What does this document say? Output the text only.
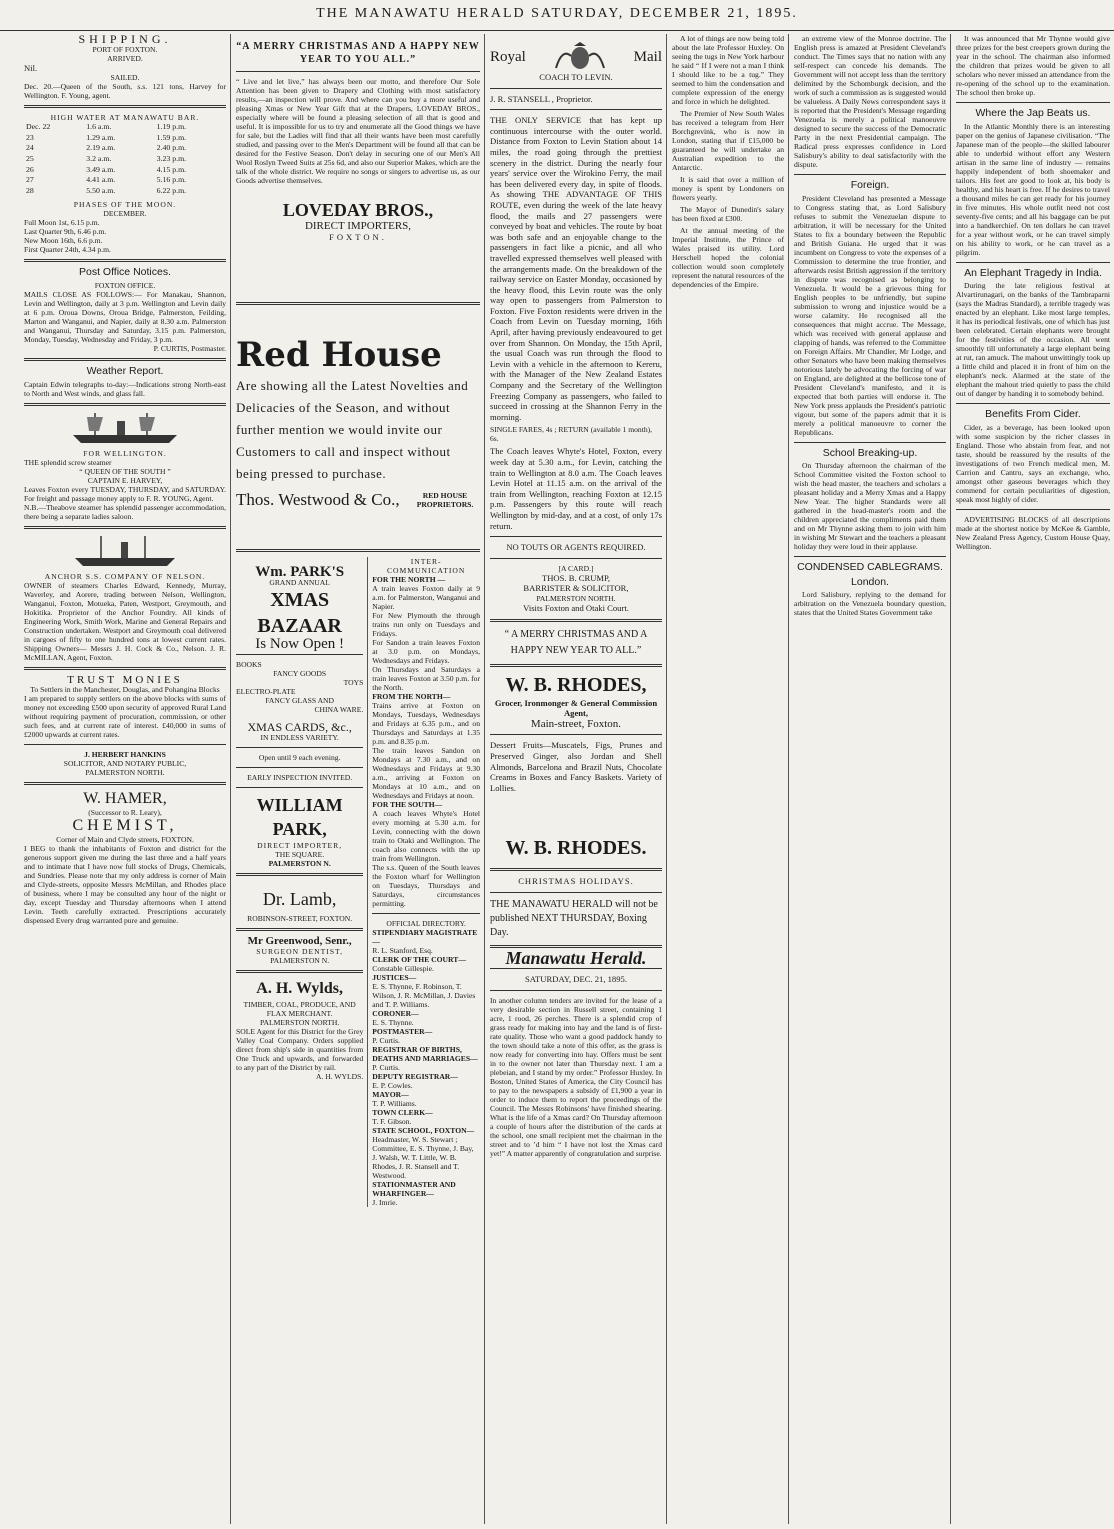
THE MANAWATU HERALD SATURDAY, DECEMBER 21, 1895.
SHIPPING.
PORT OF FOXTON.
ARRIVED.
Nil.
SAILED.
Dec. 20.—Queen of the South, s.s. 121 tons, Harvey for Wellington. F. Young, agent.
HIGH WATER AT MANAWATU BAR.
Dec. 22	1.6 a.m.	1.19 p.m.
23	1.29 a.m.	1.59 p.m.
24	2.19 a.m.	2.40 p.m.
25	3.2 a.m.	3.23 p.m.
26	3.49 a.m.	4.15 p.m.
27	4.41 a.m.	5.16 p.m.
28	5.50 a.m.	6.22 p.m.
PHASES OF THE MOON.
DECEMBER.
Full Moon 1st, 6.15 p.m.
Last Quarter 9th, 6.46 p.m.
New Moon 16th, 6.6 p.m.
First Quarter 24th, 4.34 p.m.
Post Office Notices.
FOXTON OFFICE.
MAILS CLOSE AS FOLLOWS:— For Manakau, Shannon, Levin and Wellington, daily at 3 p.m. Wellington and Levin daily at 6 p.m. Oroua Downs, Oroua Bridge, Palmerston, Feilding, Marton and Wanganui, and Napier, daily at 8.30 a.m. Palmerston and Wanganui, Thursday and Saturday, 3.15 p.m. Palmerston, Monday, Tuesday, Wednesday and Friday, 3 p.m.
P. CURTIS, Postmaster.
Weather Report.
Captain Edwin telegraphs to-day:—Indications strong North-east to North and West winds, and glass fall.
FOR WELLINGTON.
THE splendid screw steamer
“ QUEEN OF THE SOUTH ”
CAPTAIN E. HARVEY,
Leaves Foxton every TUESDAY, THURSDAY, and SATURDAY. For freight and passage money apply to F. R. YOUNG, Agent.
N.B.—Theabove steamer has splendid passenger accommodation, there being a separate ladies saloon.
ANCHOR S.S. COMPANY OF NELSON.
OWNER of steamers Charles Edward, Kennedy, Murray, Waverley, and Aorere, trading between Nelson, Wellington, Wanganui, Foxton, Motueka, Paten, Westport, Greymouth, and Hokitika. Proprietor of the Anchor Foundry. All kinds of Engineering Work, Smith Work, Marine and General Repairs and Construction undertaken. Westport and Greymouth coal delivered in cargoes of fifty to one hundred tons at lowest current rates. Shipping Owners— Messrs J. H. Cock & Co., Nelson. J. R. McMILLAN, Agent, Foxton.
TRUST MONIES
To Settlers in the Manchester, Douglas, and Pohangina Blocks
I am prepared to supply settlers on the above blocks with sums of money not exceeding £500 upon security of approved Rural Land without requiring payment of procuration, commission, or other such fees, and at current rate of interest. £40,000 in sums of £2000 upwards at current rates.
J. HERBERT HANKINS
SOLICITOR, AND NOTARY PUBLIC,
PALMERSTON NORTH.
W. HAMER,
(Successor to R. Leary),
CHEMIST,
Corner of Main and Clyde streets, FOXTON.
I BEG to thank the inhabitants of Foxton and district for the generous support given me during the last three and a half years and to intimate that I have now full stocks of Drugs, Chemicals, and Sundries. Please note that my only address is corner of Main and Clyde-streets, opposite Messrs McMillan, and Rhodes place of business, where I may be consulted any hour of the night or day, except Tuesday and Thursday afternoons when I attend Levin. Teeth carefully extracted. Prescriptions accurately dispensed Every drug warranted pure and genuine.
“A MERRY CHRISTMAS AND A HAPPY NEW YEAR TO YOU ALL.”
“ Live and let live,” has always been our motto, and therefore Our Sole Attention has been given to Drapery and Clothing with most satisfactory results,—an inspection will prove. And where can you buy a more useful and pleasing Xmas or New Year Gift that at the Drapers, LOVEDAY BROS., especially where will be found a pleasing selection of all that is good and useful. It is impossible for us to try and enumerate all the Good things we have for sale, but the Ladies will find that all their wants have been most carefully studied, and passing over to the Men's Department will be found all that can be desired for the Festive Season. Don't delay in securing one of our Men's All Wool Roslyn Tweed Suits at 25s 6d, and also our Superior Makes, which are the talk of the whole district. We require no songs or singers to advertise us, as our Goods advertise themselves.
LOVEDAY BROS.,
DIRECT IMPORTERS,
FOXTON.
Red House
Are showing all the Latest Novelties and Delicacies of the Season, and without further mention we would invite our Customers to call and inspect without being pressed to purchase.
Thos. Westwood & Co.,	RED HOUSE PROPRIETORS.
Wm. PARK'S
GRAND ANNUAL
XMAS BAZAAR
Is Now Open !
BOOKS
FANCY GOODS
TOYS
ELECTRO-PLATE
FANCY GLASS AND
CHINA WARE.
XMAS CARDS, &c.,
IN ENDLESS VARIETY.
Open until 9 each evening.
EARLY INSPECTION INVITED.
WILLIAM PARK,
DIRECT IMPORTER,
THE SQUARE.
PALMERSTON N.
Dr. Lamb,
ROBINSON-STREET, FOXTON.
Mr Greenwood, Senr.,
SURGEON DENTIST,
PALMERSTON N.
A. H. Wylds,
TIMBER, COAL, PRODUCE, AND FLAX MERCHANT.
PALMERSTON NORTH.
SOLE Agent for this District for the Grey Valley Coal Company. Orders supplied direct from ship's side in quantities from One Truck and upwards, and forwarded to any part of the District by rail.
A. H. WYLDS.
INTER-COMMUNICATION
FOR THE NORTH —
A train leaves Foxton daily at 9 a.m. for Palmerston, Wanganui and Napier.
For New Plymouth the through trains run only on Tuesdays and Fridays.
For Sandon a train leaves Foxton at 3.0 p.m. on Mondays, Wednesdays and Fridays.
On Thursdays and Saturdays a train leaves Foxton at 3.50 p.m. for the North.
FROM THE NORTH—
Trains arrive at Foxton on Mondays, Tuesdays, Wednesdays and Fridays at 6.35 p.m., and on Thursdays and Saturdays at 1.35 p.m. and 8.35 p.m.
The train leaves Sandon on Mondays at 7.30 a.m., and on Wednesdays and Fridays at 9.30 a.m., arriving at Foxton on Mondays at 10 a.m., and on Wednesdays and Fridays at noon.
FOR THE SOUTH—
A coach leaves Whyte's Hotel every morning at 5.30 a.m. for Levin, connecting with the down train to Otaki and Wellington. The coach also connects with the up train from Wellington.
The s.s. Queen of the South leaves the Foxton wharf for Wellington on Tuesdays, Thursdays and Saturdays, circumstances permitting.
OFFICIAL DIRECTORY.
STIPENDIARY MAGISTRATE—
R. L. Stanford, Esq.
CLERK OF THE COURT—
Constable Gillespie.
JUSTICES—
E. S. Thynne, F. Robinson, T. Wilson, J. R. McMillan, J. Davies and T. P. Williams.
CORONER—
E. S. Thynne.
POSTMASTER—
P. Curtis.
REGISTRAR OF BIRTHS, DEATHS AND MARRIAGES—
P. Curtis.
DEPUTY REGISTRAR—
E. P. Cowles.
MAYOR—
T. P. Williams.
TOWN CLERK—
T. F. Gibson.
STATE SCHOOL, FOXTON—
Headmaster, W. S. Stewart ; Committee, E. S. Thynne, J. Bay, J. Walsh, W. T. Little, W. B. Rhodes, J. R. Stansell and T. Westwood.
STATIONMASTER AND WHARFINGER—
J. Imrie.
Royal	Mail
COACH TO LEVIN.
J. R. STANSELL , Proprietor.
THE ONLY SERVICE that has kept up continuous intercourse with the outer world. Distance from Foxton to Levin Station about 14 miles, the road going through the prettiest scenery in the district. During the nearly four years' service over the Wirokino Ferry, the mail has been delivered every day, in spite of floods. As showing THE ADVANTAGE OF THIS ROUTE, even during the week of the late heavy flood, the mails and 27 passengers were conveyed by boat and vehicles. The route by boat was both safe and an enjoyable change to the passengers in fact like a picnic, and all who travelled expressed themselves well pleased with the arrangements made. On the breakdown of the railway service on Easter Monday, occasioned by the heavy flood, this Levin route was the only way open to passengers from Palmerston to Foxton. Five Foxton residents were driven in the Coach from Levin on Tuesday morning, 16th April, after having previously endeavoured to get over from Shannon. On Monday, the 15th April, the usual Coach was run through the flood to Levin with a vehicle in the afternoon to Kereru, with the Manager of the New Zealand Estates Company and the Secretary of the Wellington Freezing Company as passengers, who failed to succeed in crossing at the Shannon Ferry in the morning.
SINGLE FARES, 4s ; RETURN (available 1 month), 6s.
The Coach leaves Whyte's Hotel, Foxton, every week day at 5.30 a.m., for Levin, catching the train to Wellington at 8.0 a.m. The Coach leaves Levin Hotel at 11.15 a.m. on the arrival of the train from Wellington, reaching Foxton at 12.15 p.m. Passengers by this route will reach Wellington by mid-day, and at a cost, of only 17s return.
NO TOUTS OR AGENTS REQUIRED.
[A CARD.]
THOS. B. CRUMP,
BARRISTER & SOLICITOR,
PALMERSTON NORTH.
Visits Foxton and Otaki Court.
“ A MERRY CHRISTMAS AND A HAPPY NEW YEAR TO ALL.”
W. B. RHODES,
Grocer, Ironmonger & General Commission Agent,
Main-street, Foxton.
Dessert Fruits—Muscatels, Figs, Prunes and Preserved Ginger, also Jordan and Shell Almonds, Barcelona and Brazil Nuts, Chocolate Creams in Boxes and Fancy Baskets. Variety of Lollies.
W. B. RHODES.
CHRISTMAS HOLIDAYS.
THE MANAWATU HERALD will not be published NEXT THURSDAY, Boxing Day.
Manawatu Herald.
SATURDAY, DEC. 21, 1895.
In another column tenders are invited for the lease of a very desirable section in Russell street, containing 1 acre, 1 rood, 26 perches. There is a splendid crop of grass ready for making into hay and the land is of first-rate quality. Those who want a good paddock handy to the town should take a note of this offer, as the grass is now ready for converting into hay. Offers must be sent in to the owner not later than Thursday next. I am a plebeian, and I stand by my order.” Professor Huxley. In Boston, United States of America, the City Council has to pay to the newspapers a subsidy of £1,900 a year in order to induce them to report the proceedings of the Council. The Messrs Robinsons' have finished shearing. What is the life of a Xmas card? On Thursday afternoon a couple of hours after the distribution of the cards at the school, one small recipient met the chairman in the street and to ’d him “ I have not lost the Xmas card yet!” A matter apparently of congratulation and surprise.
A lot of things are now being told about the late Professor Huxley. On seeing the tugs in New York harbour he said “ If I were not a man I think I should like to be a tug.” They seemed to him the condensation and complete expression of the energy and force in which he delighted.
The Premier of New South Wales has received a telegram from Herr Borchgrevink, who is now in London, stating that if £15,000 be guaranteed he will undertake an Australian expedition to the Antarctic.
It is said that over a million of money is spent by Londoners on flowers yearly.
The Mayor of Dunedin's salary has been fixed at £300.
At the annual meeting of the Imperial Institute, the Prince of Wales praised its utility. Lord Herschell hoped the colonial collection would soon completely represent the natural resources of the dependencies of the Empire.
an extreme view of the Monroe doctrine. The English press is amazed at President Cleveland's conduct. The Times says that no nation with any self-respect can concede his demands. The Government will not accept less than the territory delimited by the Schomburgk decision, and the work of such a commission as is suggested would be valueless. A Daily News correspondent says it is reported that the President's Message regarding Venezuela is merely a political manoeuvre designed to secure the success of the Democratic Party in the next Presidential campaign. The Radical press expresses confidence in Lord Salisbury's ability to deal satisfactorily with the dispute.
Foreign.
President Cleveland has presented a Message to Congress stating that, as Lord Salisbury refuses to submit the Venezuelan dispute to arbitration, it will be necessary for the United States to fix a boundary between the Republic and British Guiana. He urged that it was incumbent on Congress to vote the expenses of a Commission to determine the true frontier, and afterwards resist British aggression if the territory in dispute was recognised as belonging to Venezuela. It would be a grievous thing for English peoples to be unfriendly, but supine submission to wrong and injustice would be a worse calamity. He recognised all the consequences that might accrue. The Message, which was received with general applause and clapping of hands, was referred to the Committee on Foreign Affairs. Mr Chandler, Mr Lodge, and other Senators who have been making themselves notorious lately be advocating the forcing of war on England, are delighted at the bellicose tone of President Cleveland's manifesto, and it is expected that both parties will endorse it. The New York press applauds the President's patriotic vigour, but some of the papers admit that it is merely a political manoeuvre to corner the Republicans.
School Breaking-up.
On Thursday afternoon the chairman of the School Committee visited the Foxton school to wish the head master, the teachers and scholars a pleasant holiday and a Merry Xmas and a Happy New Year. The higher Standards were all gathered in the head-master's room and the children appreciated the compliments paid them and on Mr Thynne asking them to join with him in wishing Mr Stewart and the teachers a pleasant holiday they were loud in their applause.
CONDENSED CABLEGRAMS.
London.
Lord Salisbury, replying to the demand for arbitration on the Venezuela boundary question, states that the United States Government take
It was announced that Mr Thynne would give three prizes for the best creepers grown during the year in the school. The chairman also informed the children that prizes would be given to all scholars who never missed an attendance from the re-opening of the school up to the examination. The school then broke up.
Where the Jap Beats us.
In the Atlantic Monthly there is an interesting paper on the genius of Japanese civilisation. “The Japanese man of the people—the skilled labourer able to underbid without effort any Western artisan in the same line of industry — remains happily independent of both shoemaker and tailors. His feet are good to look at, his body is healthy, and his heart is free. If he desires to travel a thousand miles he can get ready for his journey in five minutes. His whole outfit need not cost seventy-five cents; and all his baggage can be put into a handkerchief. On ten dollars he can travel for a year without work, or he can travel simply on his ability to work, or he can travel as a pilgrim.
An Elephant Tragedy in India.
During the late religious festival at Alvartirunagari, on the banks of the Tambraparni (says the Madras Standard), a terrible tragedy was enacted by an elephant. Like most large temples, it has its periodical festivals, one of which has just been celebrated. Certain elephants were brought for the festivities of the occasion. All went smoothly till unfortunately a large elephant being at rut, ran amuck. The mahout unwittingly took up a little child and placed it in front of him on the elephant's neck. Alarmed at the state of the elephant the mahout tried quietly to pass the child out of danger by handing it to somebody behind.
Benefits From Cider.
Cider, as a beverage, has been looked upon with some suspicion by the richer classes in England. Those who abstain from fear, and not taste, should be reassured by the results of the investigations of two French medical men, M. Carrion and Cantru, says an exchange, who, amongst other gaseous beverages which they commend for certain peculiarities of digestion, speak most highly of cider.
ADVERTISING BLOCKS of all descriptions made at the shortest notice by McKee & Gamble, New Zealand Press Agency, Custom House Quay, Wellington.
